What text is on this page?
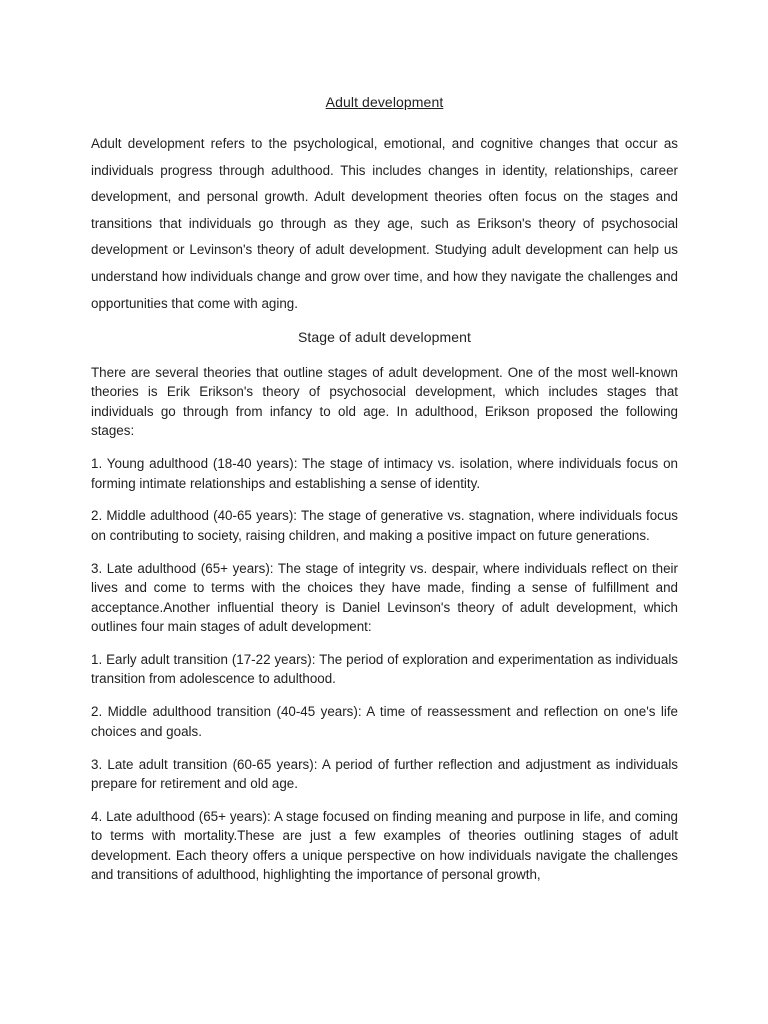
Adult development

Adult development refers to the psychological, emotional, and cognitive changes that occur as individuals progress through adulthood. This includes changes in identity, relationships, career development, and personal growth. Adult development theories often focus on the stages and transitions that individuals go through as they age, such as Erikson's theory of psychosocial development or Levinson's theory of adult development. Studying adult development can help us understand how individuals change and grow over time, and how they navigate the challenges and opportunities that come with aging.

Stage of adult development

There are several theories that outline stages of adult development. One of the most well-known theories is Erik Erikson's theory of psychosocial development, which includes stages that individuals go through from infancy to old age. In adulthood, Erikson proposed the following stages:

1. Young adulthood (18-40 years): The stage of intimacy vs. isolation, where individuals focus on forming intimate relationships and establishing a sense of identity.

2. Middle adulthood (40-65 years): The stage of generative vs. stagnation, where individuals focus on contributing to society, raising children, and making a positive impact on future generations.

3. Late adulthood (65+ years): The stage of integrity vs. despair, where individuals reflect on their lives and come to terms with the choices they have made, finding a sense of fulfillment and acceptance.Another influential theory is Daniel Levinson's theory of adult development, which outlines four main stages of adult development:

1. Early adult transition (17-22 years): The period of exploration and experimentation as individuals transition from adolescence to adulthood.

2. Middle adulthood transition (40-45 years): A time of reassessment and reflection on one's life choices and goals.

3. Late adult transition (60-65 years): A period of further reflection and adjustment as individuals prepare for retirement and old age.

4. Late adulthood (65+ years): A stage focused on finding meaning and purpose in life, and coming to terms with mortality.These are just a few examples of theories outlining stages of adult development. Each theory offers a unique perspective on how individuals navigate the challenges and transitions of adulthood, highlighting the importance of personal growth,
